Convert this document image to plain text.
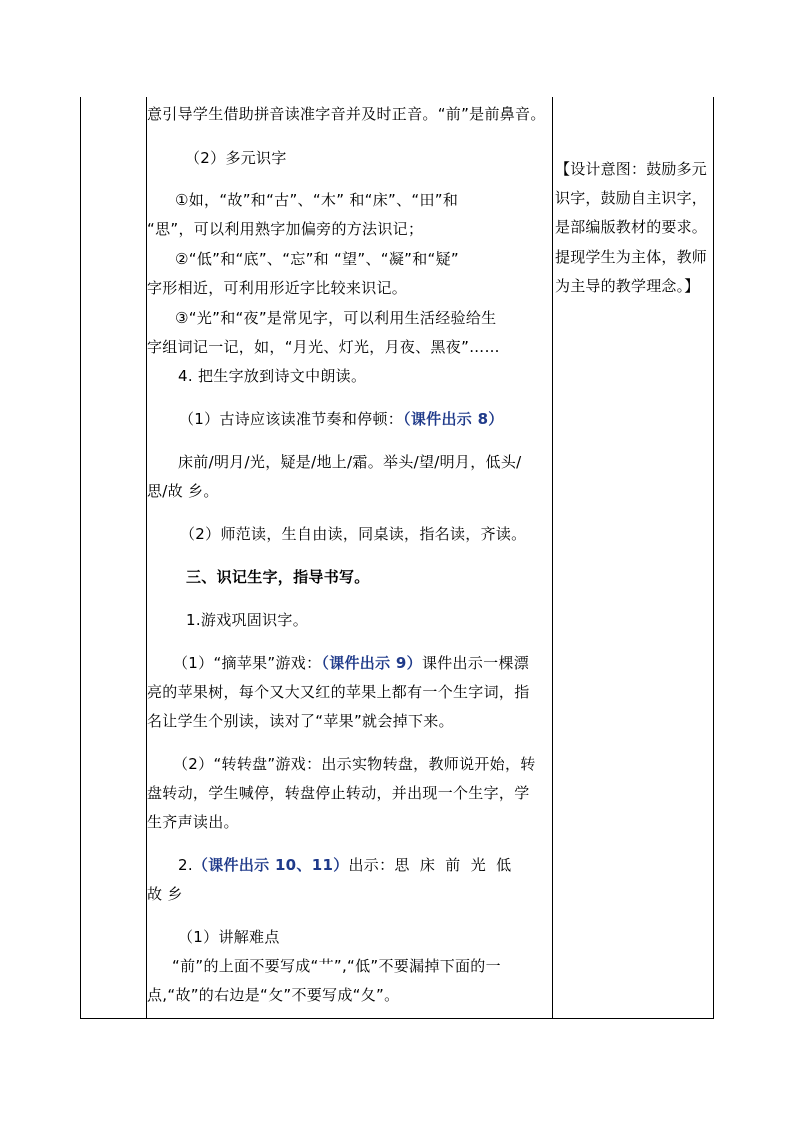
意引导学生借助拼音读准字音并及时正音。“前”是前鼻音。
（2）多元识字
①如，“故”和“古”、“木” 和“床”、“田”和
“思”，可以利用熟字加偏旁的方法识记；
②“低”和“底”、“忘”和 “望”、“凝”和“疑”
字形相近，可利用形近字比较来识记。
③“光”和“夜”是常见字，可以利用生活经验给生
字组词记一记，如，“月光、灯光，月夜、黑夜”……
4. 把生字放到诗文中朗读。
（1）古诗应该读准节奏和停顿：（课件出示 8）
床前/明月/光，疑是/地上/霜。举头/望/明月，低头/
思/故 乡。
（2）师范读，生自由读，同桌读，指名读，齐读。
三、识记生字，指导书写。
1.游戏巩固识字。
（1）“摘苹果”游戏：（课件出示 9）课件出示一棵漂
亮的苹果树，每个又大又红的苹果上都有一个生字词，指
名让学生个别读，读对了“苹果”就会掉下来。
（2）“转转盘”游戏：出示实物转盘，教师说开始，转
盘转动，学生喊停，转盘停止转动，并出现一个生字，学
生齐声读出。
2.（课件出示 10、11）出示：思  床  前  光  低
故 乡
（1）讲解难点
“前”的上面不要写成“艹”,“低”不要漏掉下面的一
点,“故”的右边是“攵”不要写成“夂”。
【设计意图：鼓励多元
识字，鼓励自主识字，
是部编版教材的要求。
提现学生为主体，教师
为主导的教学理念。】
